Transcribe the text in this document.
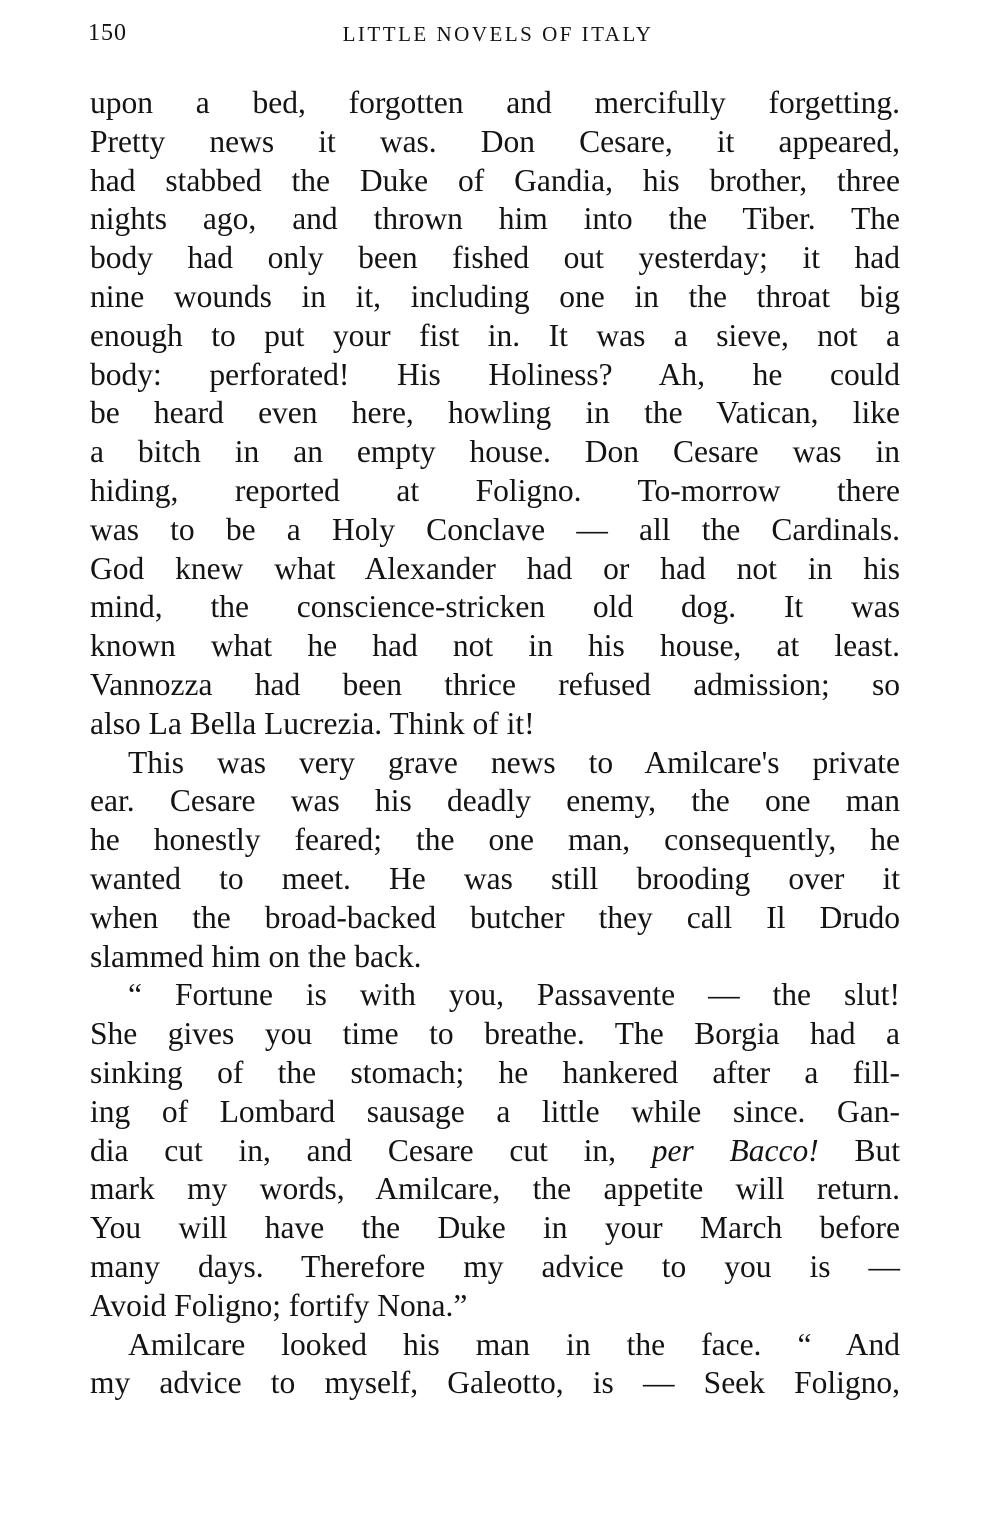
150	LITTLE NOVELS OF ITALY
upon a bed, forgotten and mercifully forgetting.
Pretty news it was. Don Cesare, it appeared,
had stabbed the Duke of Gandia, his brother, three
nights ago, and thrown him into the Tiber. The
body had only been fished out yesterday; it had
nine wounds in it, including one in the throat big
enough to put your fist in. It was a sieve, not a
body: perforated! His Holiness? Ah, he could
be heard even here, howling in the Vatican, like
a bitch in an empty house. Don Cesare was in
hiding, reported at Foligno. To-morrow there
was to be a Holy Conclave — all the Cardinals.
God knew what Alexander had or had not in his
mind, the conscience-stricken old dog. It was
known what he had not in his house, at least.
Vannozza had been thrice refused admission; so
also La Bella Lucrezia. Think of it!
This was very grave news to Amilcare's private
ear. Cesare was his deadly enemy, the one man
he honestly feared; the one man, consequently, he
wanted to meet. He was still brooding over it
when the broad-backed butcher they call Il Drudo
slammed him on the back.
“ Fortune is with you, Passavente — the slut!
She gives you time to breathe. The Borgia had a
sinking of the stomach; he hankered after a fill-
ing of Lombard sausage a little while since. Gan-
dia cut in, and Cesare cut in, per Bacco! But
mark my words, Amilcare, the appetite will return.
You will have the Duke in your March before
many days. Therefore my advice to you is —
Avoid Foligno; fortify Nona.”
Amilcare looked his man in the face. “ And
my advice to myself, Galeotto, is — Seek Foligno,
